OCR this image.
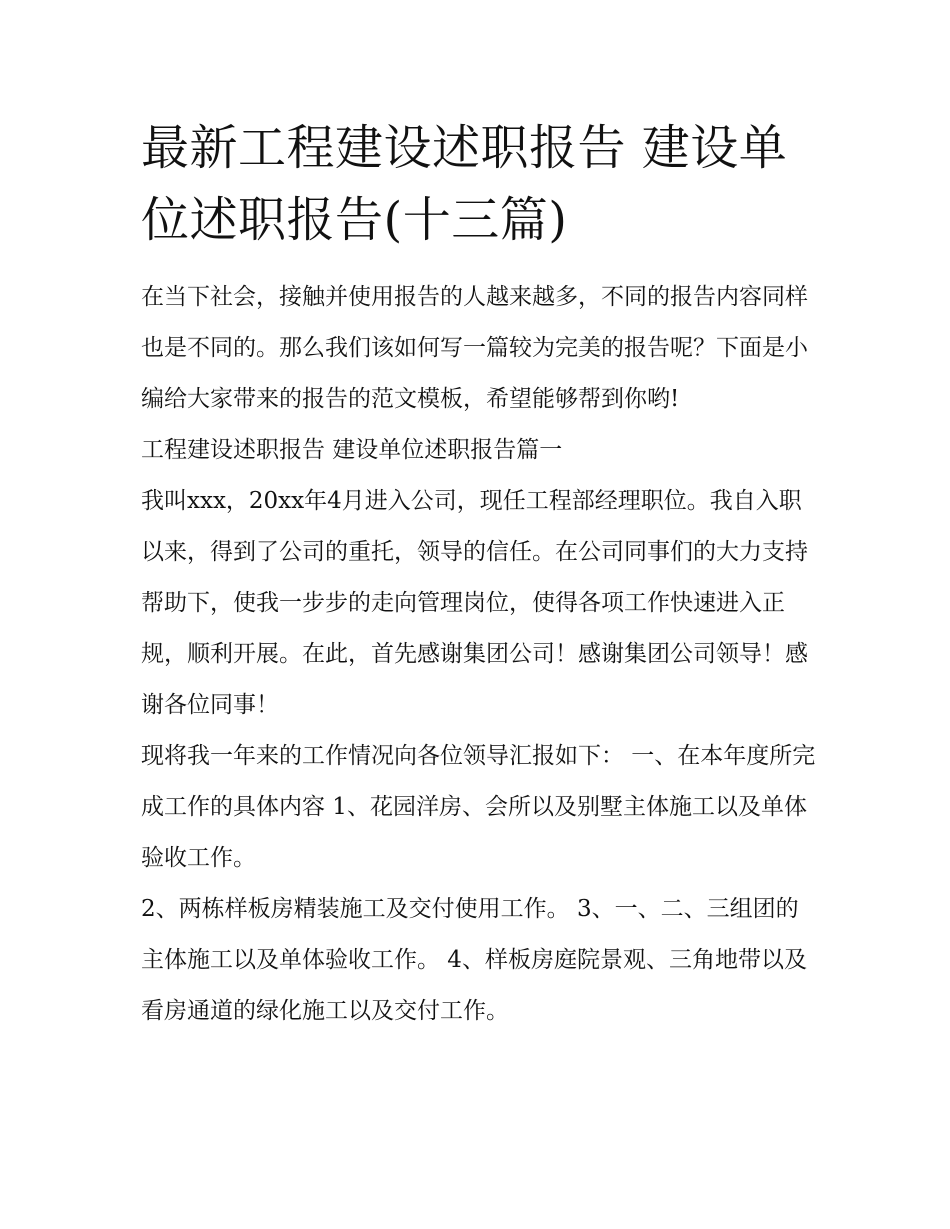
最新工程建设述职报告 建设单位述职报告(十三篇)

在当下社会，接触并使用报告的人越来越多，不同的报告内容同样也是不同的。那么我们该如何写一篇较为完美的报告呢？下面是小编给大家带来的报告的范文模板，希望能够帮到你哟!

工程建设述职报告 建设单位述职报告篇一

我叫xxx，20xx年4月进入公司，现任工程部经理职位。我自入职以来，得到了公司的重托，领导的信任。在公司同事们的大力支持帮助下，使我一步步的走向管理岗位，使得各项工作快速进入正规，顺利开展。在此，首先感谢集团公司！感谢集团公司领导！感谢各位同事！

现将我一年来的工作情况向各位领导汇报如下： 一、在本年度所完成工作的具体内容 1、花园洋房、会所以及别墅主体施工以及单体验收工作。

2、两栋样板房精装施工及交付使用工作。 3、一、二、三组团的主体施工以及单体验收工作。 4、样板房庭院景观、三角地带以及看房通道的绿化施工以及交付工作。
